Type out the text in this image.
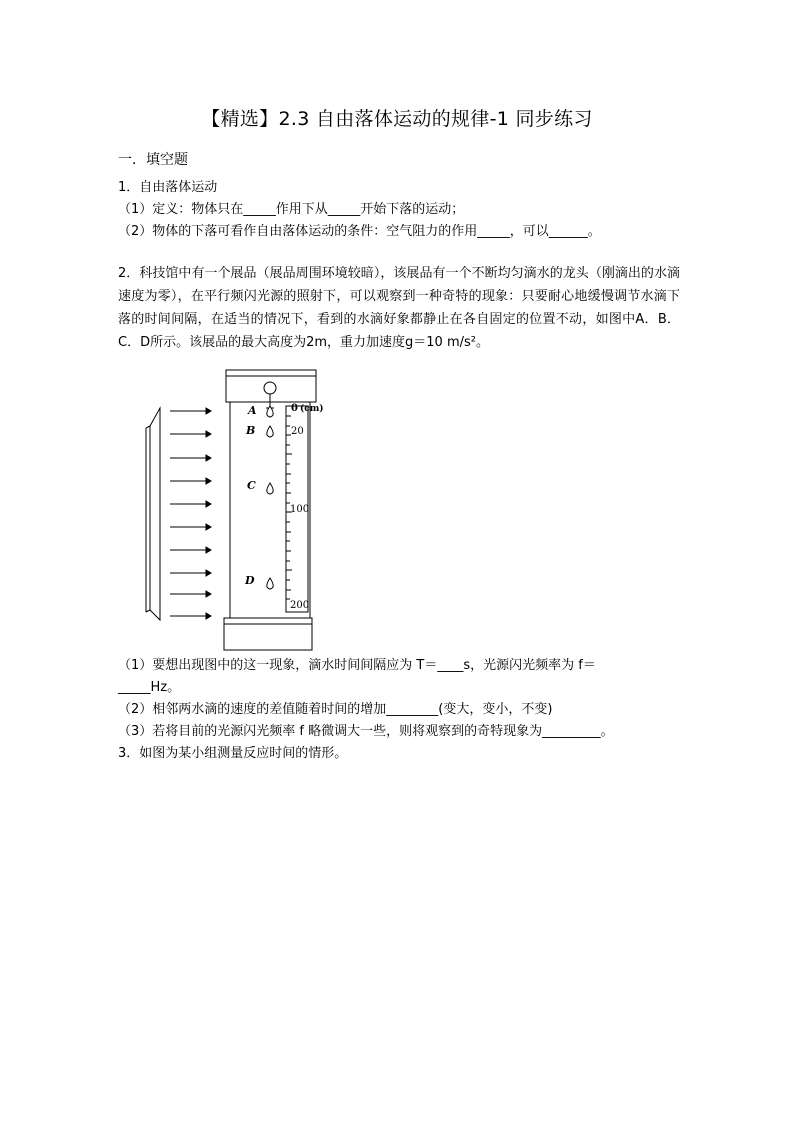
【精选】2.3 自由落体运动的规律-1 同步练习
一．填空题
1．自由落体运动
（1）定义：物体只在_____作用下从_____开始下落的运动；
（2）物体的下落可看作自由落体运动的条件：空气阻力的作用_____，可以______。
2．科技馆中有一个展品（展品周围环境较暗），该展品有一个不断均匀滴水的龙头（刚滴出的水滴速度为零），在平行频闪光源的照射下，可以观察到一种奇特的现象：只要耐心地缓慢调节水滴下落的时间间隔，在适当的情况下，看到的水滴好象都静止在各自固定的位置不动，如图中A．B．C．D所示。该展品的最大高度为2m，重力加速度g＝10 m/s²。
0 (cm)
20
100
200
A
B
C
D
（1）要想出现图中的这一现象，滴水时间间隔应为 T＝____s，光源闪光频率为 f＝
_____Hz。
（2）相邻两水滴的速度的差值随着时间的增加________(变大，变小，不变)
（3）若将目前的光源闪光频率 f 略微调大一些，则将观察到的奇特现象为_________。
3．如图为某小组测量反应时间的情形。
